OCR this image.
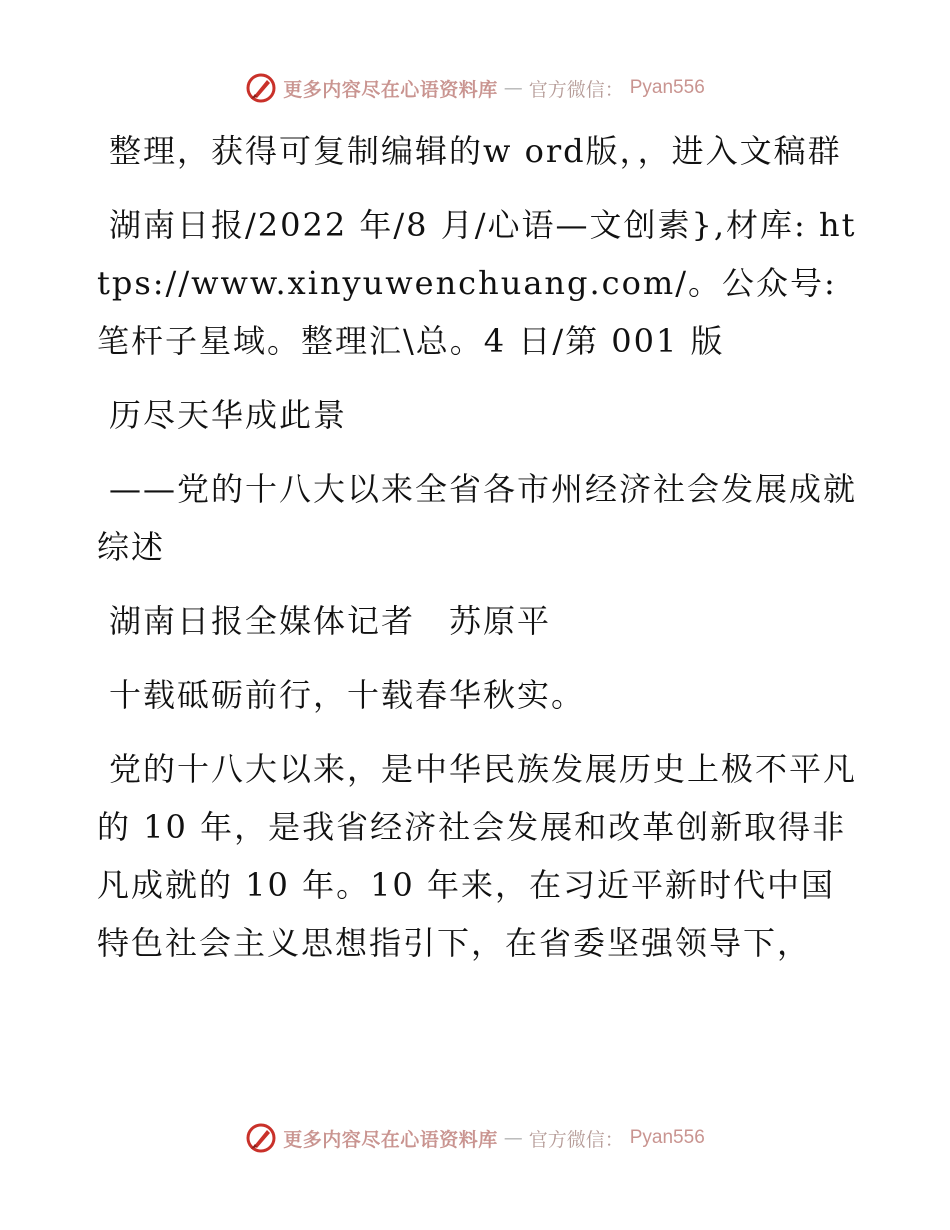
更多内容尽在心语资料库 — 官方微信： Pyan556

整理，获得可复制编辑的w ord版，，进入文稿群

湖南日报/2022 年/8 月/心语—文创素},材库: https://www.xinyuwenchuang.com/。公众号: 笔杆子星域。整理汇\总。4 日/第 001 版

历尽天华成此景

——党的十八大以来全省各市州经济社会发展成就综述

湖南日报全媒体记者　苏原平

十载砥砺前行，十载春华秋实。

党的十八大以来，是中华民族发展历史上极不平凡的 10 年，是我省经济社会发展和改革创新取得非凡成就的 10 年。10 年来，在习近平新时代中国特色社会主义思想指引下，在省委坚强领导下，

更多内容尽在心语资料库 — 官方微信： Pyan556
